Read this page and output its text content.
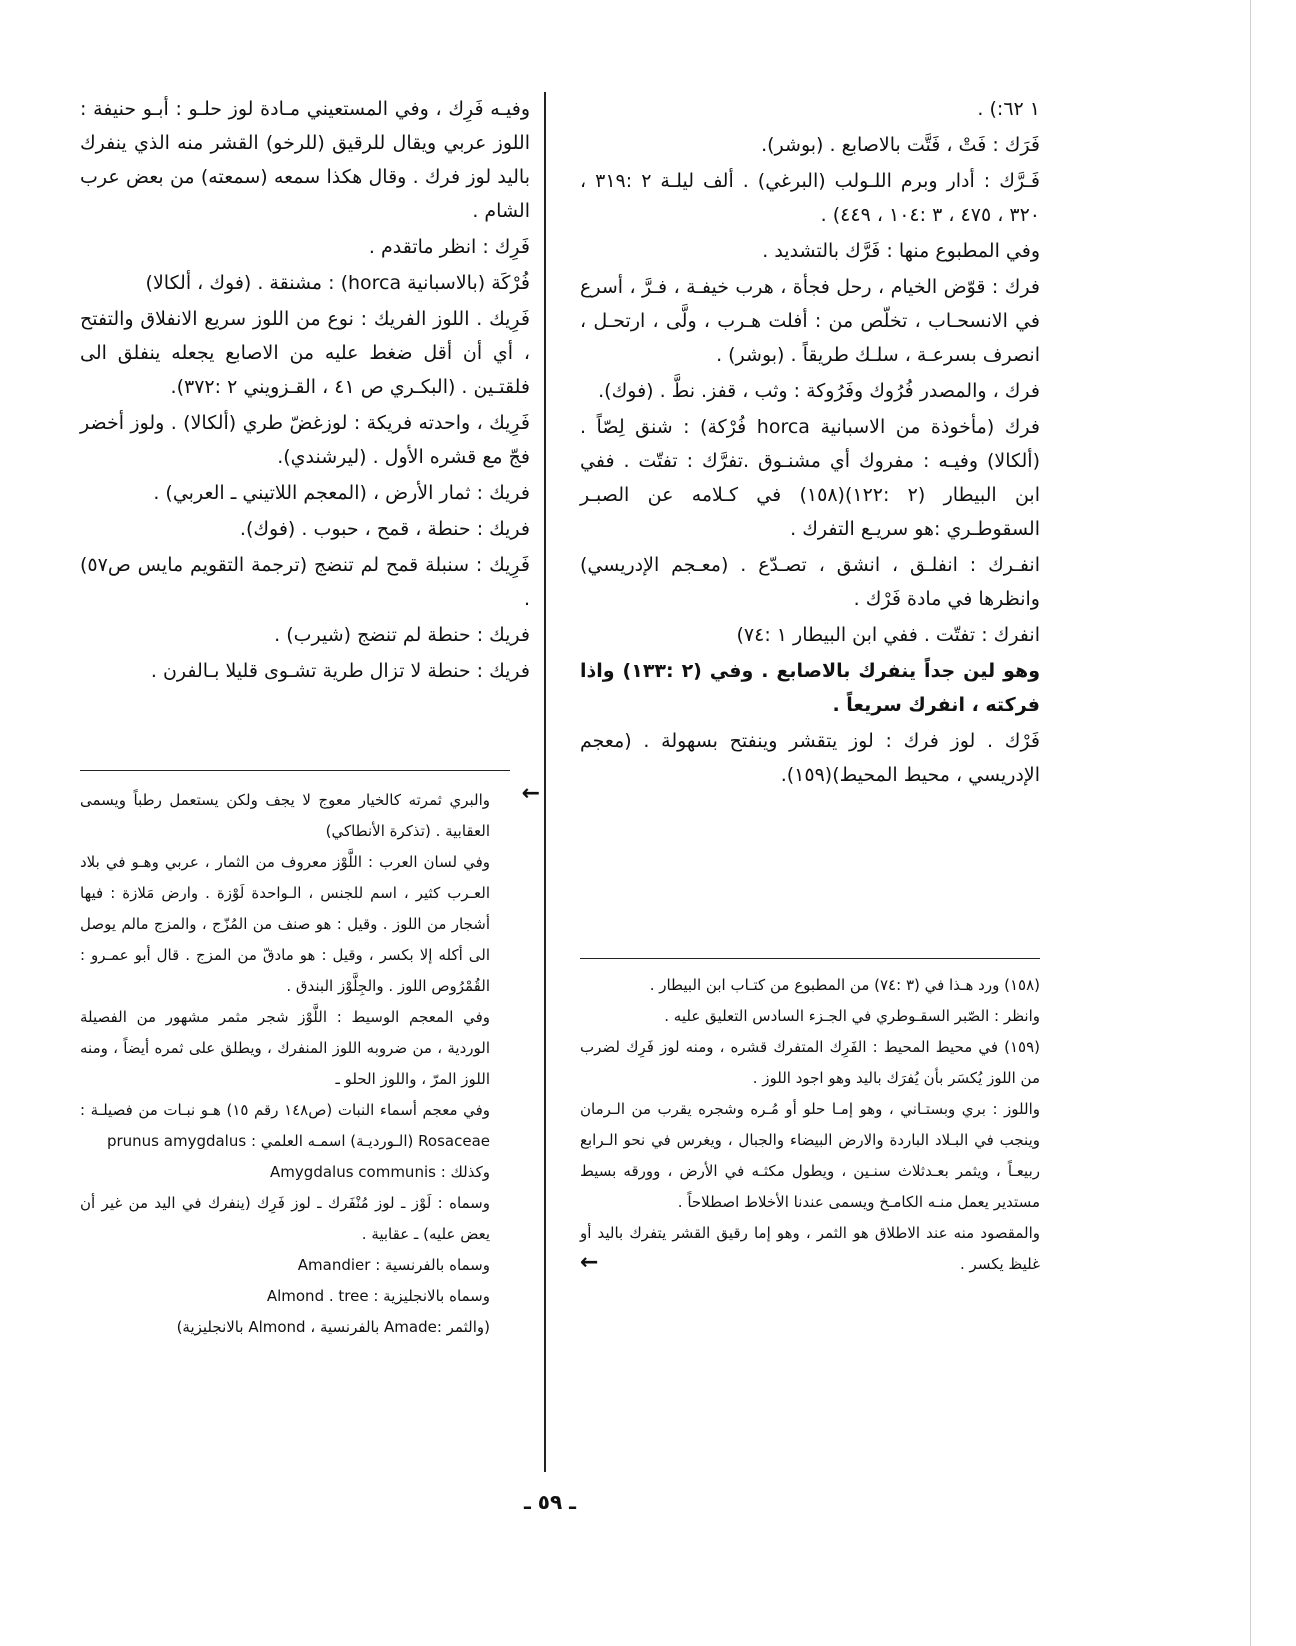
١ ٦٢:) .

فَرَك : فَتْ ، فَتَّت بالاصابع . (بوشر).

فَـرَّك : أدار وبرم اللـولب (البرغي) . ألف ليلـة ٢ :٣١٩ ، ٣٢٠ ، ٤٧٥ ، ٣ :١٠٤ ، ٤٤٩) .

وفي المطبوع منها : فَرَّك بالتشديد .

فرك : قوّض الخيام ، رحل فجأة ، هرب خيفـة ، فـرَّ ، أسرع في الانسحـاب ، تخلّص من : أفلت هـرب ، ولَّى ، ارتحـل ، انصرف بسرعـة ، سلـك طريقاً . (بوشر) .

فرك ، والمصدر فُرُوك وفَرُوكة : وثب ، قفز. نطَّ . (فوك).

فرك (مأخوذة من الاسبانية horca فُرْكة) : شنق لِصّاً . (ألكالا) وفيـه : مفروك أي مشنـوق .تفرَّك : تفتّت . ففي ابن البيطار (٢ :١٢٢)(١٥٨) في كـلامه عن الصبـر السقوطـري :هو سريـع التفرك .

انفـرك : انفلـق ، انشق ، تصـدّع . (معـجم الإدريسي) وانظرها في مادة فَرْك .

انفرك : تفتّت . ففي ابن البيطار ١ :٧٤)

وهو لين جداً ينفرك بالاصابع . وفي (٢ :١٣٣) واذا فركته ، انفرك سريعاً .

فَرْك . لوز فرك : لوز يتقشر وينفتح بسهولة . (معجم الإدريسي ، محيط المحيط)(١٥٩).

وفيـه فَرِك ، وفي المستعيني مـادة لوز حلـو : أبـو حنيفة : اللوز عربي ويقال للرقيق (للرخو) القشر منه الذي ينفرك باليد لوز فرك . وقال هكذا سمعه (سمعته) من بعض عرب الشام .

فَرِك : انظر ماتقدم .

فُرْكَة (بالاسبانية horca) : مشنقة . (فوك ، ألكالا)

فَرِيك . اللوز الفريك : نوع من اللوز سريع الانفلاق والتفتح ، أي أن أقل ضغط عليه من الاصابع يجعله ينفلق الى فلقتـين . (البكـري ص ٤١ ، القـزويني ٢ :٣٧٢).

فَرِيك ، واحدته فريكة : لوزغضّ طري (ألكالا) . ولوز أخضر فجّ مع قشره الأول . (ليرشندي).

فريك : ثمار الأرض ، (المعجم اللاتيني ـ العربي) .

فريك : حنطة ، قمح ، حبوب . (فوك).

فَرِيك : سنبلة قمح لم تنضج (ترجمة التقويم مايس ص٥٧) .

فريك : حنطة لم تنضج (شيرب) .

فريك : حنطة لا تزال طرية تشـوى قليلا بـالفرن .

(١٥٨) ورد هـذا في (٣ :٧٤) من المطبوع من كتـاب ابن البيطار .

وانظر : الصّبر السقـوطري في الجـزء السادس التعليق عليه .

(١٥٩) في محيط المحيط : الفَرِك المتفرك قشره ، ومنه لوز فَرِك لضرب من اللوز يُكسَر بأن يُفرَك باليد وهو اجود اللوز .

واللوز : بري وبستـاني ، وهو إمـا حلو أو مُـره وشجره يقرب من الـرمان وينجب في البـلاد الباردة والارض البيضاء والجبال ، ويغرس في نحو الـرابع ربيعـاً ، ويثمر بعـدثلاث سنـين ، ويطول مكثـه في الأرض ، وورقه بسيط مستدير يعمل منـه الكامـخ ويسمى عندنا الأخلاط اصطلاحاً .

والمقصود منه عند الاطلاق هو الثمر ، وهو إما رقيق القشر يتفرك باليد أو غليظ يكسر .

←
←

والبري ثمرته كالخيار معوج لا يجف ولكن يستعمل رطباً ويسمى العقابية . (تذكرة الأنطاكي)

وفي لسان العرب : اللَّوْز معروف من الثمار ، عربي وهـو في بلاد العـرب كثير ، اسم للجنس ، الـواحدة لَوْزة . وارض مَلازة : فيها أشجار من اللوز . وقيل : هو صنف من المُزّج ، والمزج مالم يوصل الى أكله إلا بكسر ، وقيل : هو مادقّ من المزج . قال أبو عمـرو : القُمْرُوص اللوز . والجِلَّوْز البندق .

وفي المعجم الوسيط : اللَّوْز شجر مثمر مشهور من الفصيلة الوردية ، من ضروبه اللوز المنفرك ، ويطلق على ثمره أيضاً ، ومنه اللوز المرّ ، واللوز الحلو ـ

وفي معجم أسماء النبات (ص١٤٨ رقم ١٥) هـو نبـات من فصيلـة : Rosaceae (الـورديـة) اسمـه العلمي : prunus amygdalus

وكذلك : Amygdalus communis

وسماه : لَوْز ـ لوز مُنْفَرك ـ لوز فَرِك (ينفرك في اليد من غير أن يعض عليه) ـ عقابية .

وسماه بالفرنسية : Amandier

وسماه بالانجليزية : Almond . tree

(والثمر :Amade بالفرنسية ، Almond بالانجليزية)

ـ ٥٩ ـ
